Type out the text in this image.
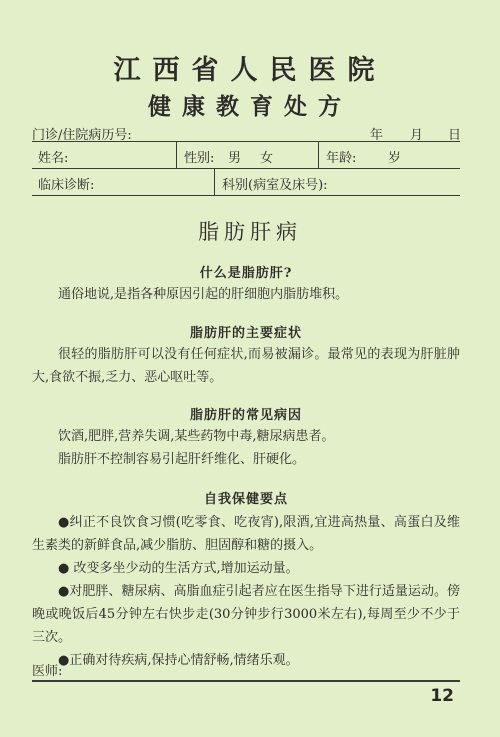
江西省人民医院
健康教育处方
门诊/住院病历号:	年 月 日
姓名:	性别: 男 女	年龄: 岁
临床诊断:	科别(病室及床号):
脂肪肝病
什么是脂肪肝?
通俗地说,是指各种原因引起的肝细胞内脂肪堆积。
脂肪肝的主要症状
很轻的脂肪肝可以没有任何症状,而易被漏诊。最常见的表现为肝脏肿大,食欲不振,乏力、恶心呕吐等。
脂肪肝的常见病因
饮酒,肥胖,营养失调,某些药物中毒,糖尿病患者。
脂肪肝不控制容易引起肝纤维化、肝硬化。
自我保健要点
●纠正不良饮食习惯(吃零食、吃夜宵),限酒,宜进高热量、高蛋白及维生素类的新鲜食品,减少脂肪、胆固醇和糖的摄入。
● 改变多坐少动的生活方式,增加运动量。
●对肥胖、糖尿病、高脂血症引起者应在医生指导下进行适量运动。傍晚或晚饭后45分钟左右快步走(30分钟步行3000米左右),每周至少不少于三次。
●正确对待疾病,保持心情舒畅,情绪乐观。
医师:
12
